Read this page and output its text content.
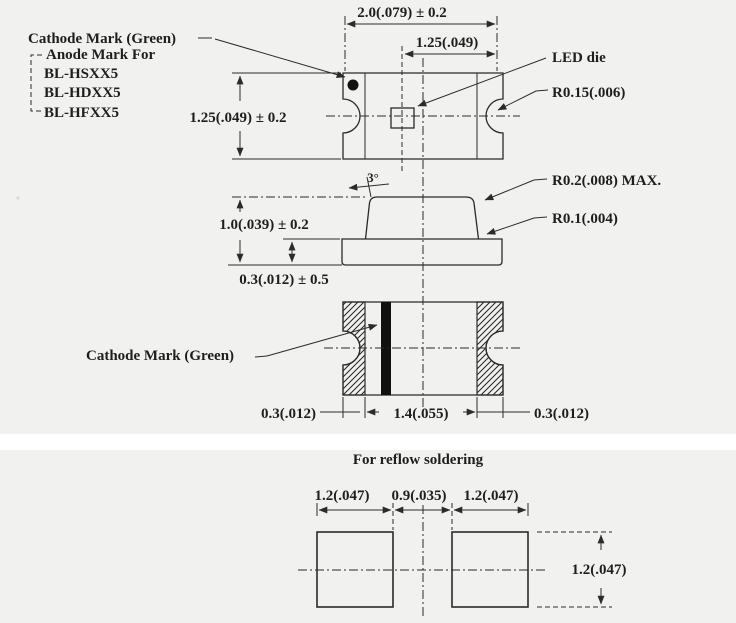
Cathode Mark (Green)
Anode Mark For
BL-HSXX5
BL-HDXX5
BL-HFXX5
2.0(.079) ± 0.2
1.25(.049)
LED die
R0.15(.006)
1.25(.049) ± 0.2
1.0(.039) ± 0.2
0.3(.012) ± 0.5
3°	R0.2(.008) MAX.
R0.1(.004)
Cathode Mark (Green)
0.3(.012)	1.4(.055)	0.3(.012)
For reflow soldering
1.2(.047) 0.9(.035) 1.2(.047)
1.2(.047)
